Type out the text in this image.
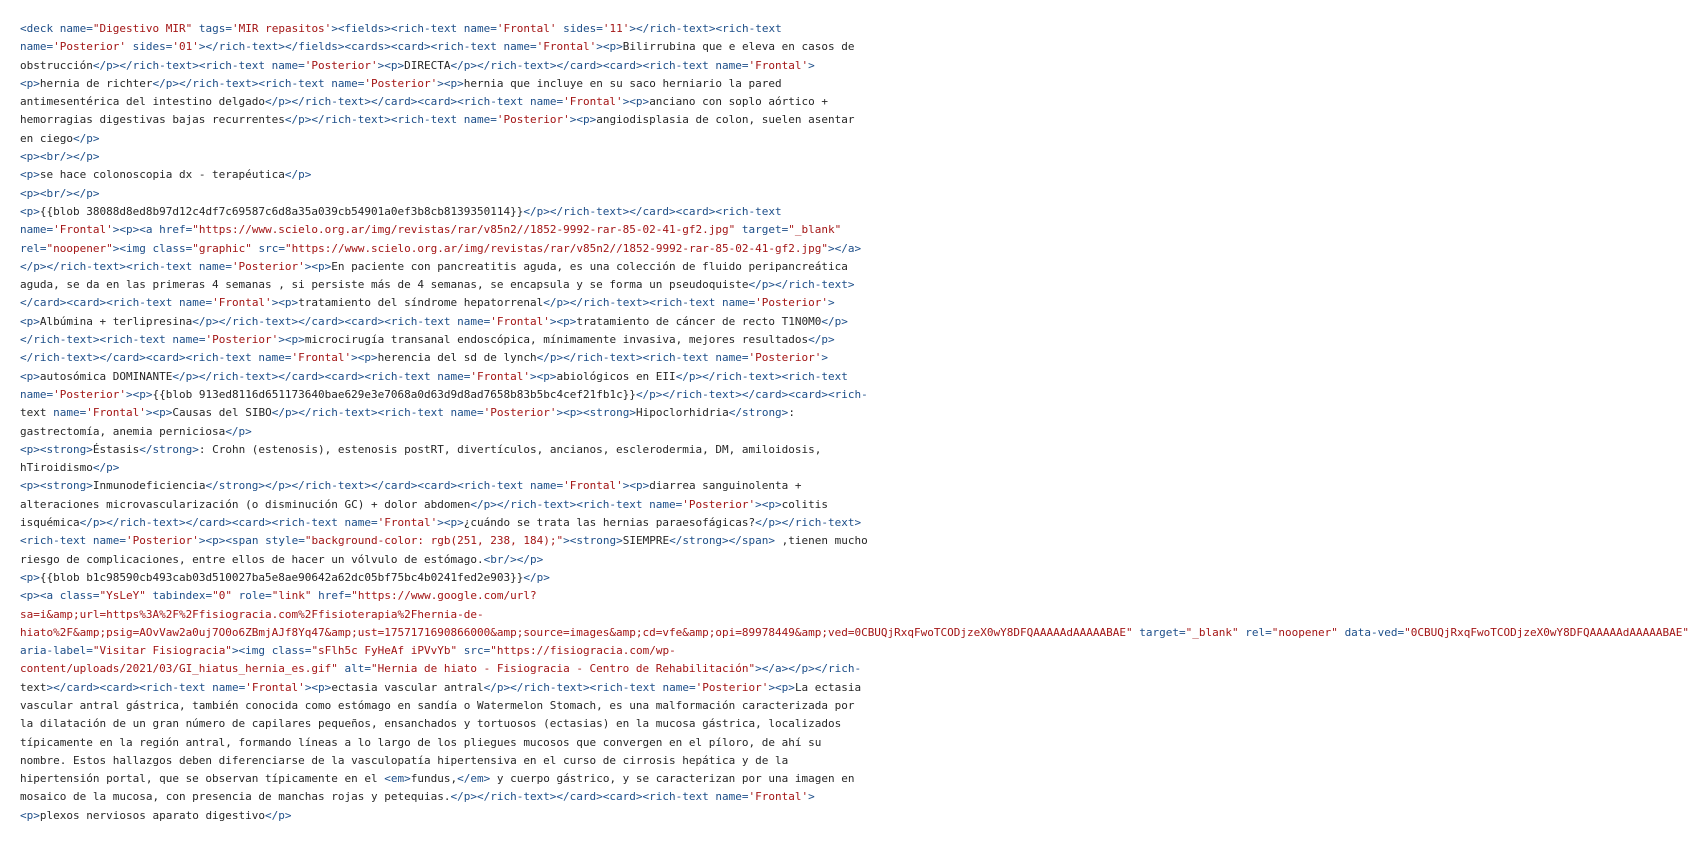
<deck name="Digestivo MIR" tags='MIR repasitos'><fields><rich-text name='Frontal' sides='11'></rich-text><rich-text
name='Posterior' sides='01'></rich-text></fields><cards><card><rich-text name='Frontal'><p>Bilirrubina que e eleva en casos de
obstrucción</p></rich-text><rich-text name='Posterior'><p>DIRECTA</p></rich-text></card><card><rich-text name='Frontal'>
<p>hernia de richter</p></rich-text><rich-text name='Posterior'><p>hernia que incluye en su saco herniario la pared
antimesentérica del intestino delgado</p></rich-text></card><card><rich-text name='Frontal'><p>anciano con soplo aórtico +
hemorragias digestivas bajas recurrentes</p></rich-text><rich-text name='Posterior'><p>angiodisplasia de colon, suelen asentar
en ciego</p>
<p><br/></p>
<p>se hace colonoscopia dx - terapéutica</p>
<p><br/></p>
<p>{{blob 38088d8ed8b97d12c4df7c69587c6d8a35a039cb54901a0ef3b8cb8139350114}}</p></rich-text></card><card><rich-text
name='Frontal'><p><a href="https://www.scielo.org.ar/img/revistas/rar/v85n2//1852-9992-rar-85-02-41-gf2.jpg" target="_blank"
rel="noopener"><img class="graphic" src="https://www.scielo.org.ar/img/revistas/rar/v85n2//1852-9992-rar-85-02-41-gf2.jpg"></a>
</p></rich-text><rich-text name='Posterior'><p>En paciente con pancreatitis aguda, es una colección de fluido peripancreática
aguda, se da en las primeras 4 semanas , si persiste más de 4 semanas, se encapsula y se forma un pseudoquiste</p></rich-text>
</card><card><rich-text name='Frontal'><p>tratamiento del síndrome hepatorrenal</p></rich-text><rich-text name='Posterior'>
<p>Albúmina + terlipresina</p></rich-text></card><card><rich-text name='Frontal'><p>tratamiento de cáncer de recto T1N0M0</p>
</rich-text><rich-text name='Posterior'><p>microcirugía transanal endoscópica, mínimamente invasiva, mejores resultados</p>
</rich-text></card><card><rich-text name='Frontal'><p>herencia del sd de lynch</p></rich-text><rich-text name='Posterior'>
<p>autosómica DOMINANTE</p></rich-text></card><card><rich-text name='Frontal'><p>abiológicos en EII</p></rich-text><rich-text
name='Posterior'><p>{{blob 913ed8116d651173640bae629e3e7068a0d63d9d8ad7658b83b5bc4cef21fb1c}}</p></rich-text></card><card><rich-
text name='Frontal'><p>Causas del SIBO</p></rich-text><rich-text name='Posterior'><p><strong>Hipoclorhidria</strong>:
gastrectomía, anemia perniciosa</p>
<p><strong>Éstasis</strong>: Crohn (estenosis), estenosis postRT, divertículos, ancianos, esclerodermia, DM, amiloidosis,
hTiroidismo</p>
<p><strong>Inmunodeficiencia</strong></p></rich-text></card><card><rich-text name='Frontal'><p>diarrea sanguinolenta +
alteraciones microvascularización (o disminución GC) + dolor abdomen</p></rich-text><rich-text name='Posterior'><p>colitis
isquémica</p></rich-text></card><card><rich-text name='Frontal'><p>¿cuándo se trata las hernias paraesofágicas?</p></rich-text>
<rich-text name='Posterior'><p><span style="background-color: rgb(251, 238, 184);"><strong>SIEMPRE</strong></span> ,tienen mucho
riesgo de complicaciones, entre ellos de hacer un vólvulo de estómago.<br/></p>
<p>{{blob b1c98590cb493cab03d510027ba5e8ae90642a62dc05bf75bc4b0241fed2e903}}</p>
<p><a class="YsLeY" tabindex="0" role="link" href="https://www.google.com/url?
sa=i&amp;url=https%3A%2F%2Ffisiogracia.com%2Ffisioterapia%2Fhernia-de-
hiato%2F&amp;psig=AOvVaw2a0uj7O0o6ZBmjAJf8Yq47&amp;ust=1757171690866000&amp;source=images&amp;cd=vfe&amp;opi=89978449&amp;ved=0CBUQjRxqFwoTCODjzeX0wY8DFQAAAAAdAAAAABAE" target="_blank" rel="noopener" data-ved="0CBUQjRxqFwoTCODjzeX0wY8DFQAAAAAdAAAAABAE"
aria-label="Visitar Fisiogracia"><img class="sFlh5c FyHeAf iPVvYb" src="https://fisiogracia.com/wp-
content/uploads/2021/03/GI_hiatus_hernia_es.gif" alt="Hernia de hiato - Fisiogracia - Centro de Rehabilitación"></a></p></rich-
text></card><card><rich-text name='Frontal'><p>ectasia vascular antral</p></rich-text><rich-text name='Posterior'><p>La ectasia
vascular antral gástrica, también conocida como estómago en sandía o Watermelon Stomach, es una malformación caracterizada por
la dilatación de un gran número de capilares pequeños, ensanchados y tortuosos (ectasias) en la mucosa gástrica, localizados
típicamente en la región antral, formando líneas a lo largo de los pliegues mucosos que convergen en el píloro, de ahí su
nombre. Estos hallazgos deben diferenciarse de la vasculopatía hipertensiva en el curso de cirrosis hepática y de la
hipertensión portal, que se observan típicamente en el <em>fundus,</em> y cuerpo gástrico, y se caracterizan por una imagen en
mosaico de la mucosa, con presencia de manchas rojas y petequias.</p></rich-text></card><card><rich-text name='Frontal'>
<p>plexos nerviosos aparato digestivo</p>
